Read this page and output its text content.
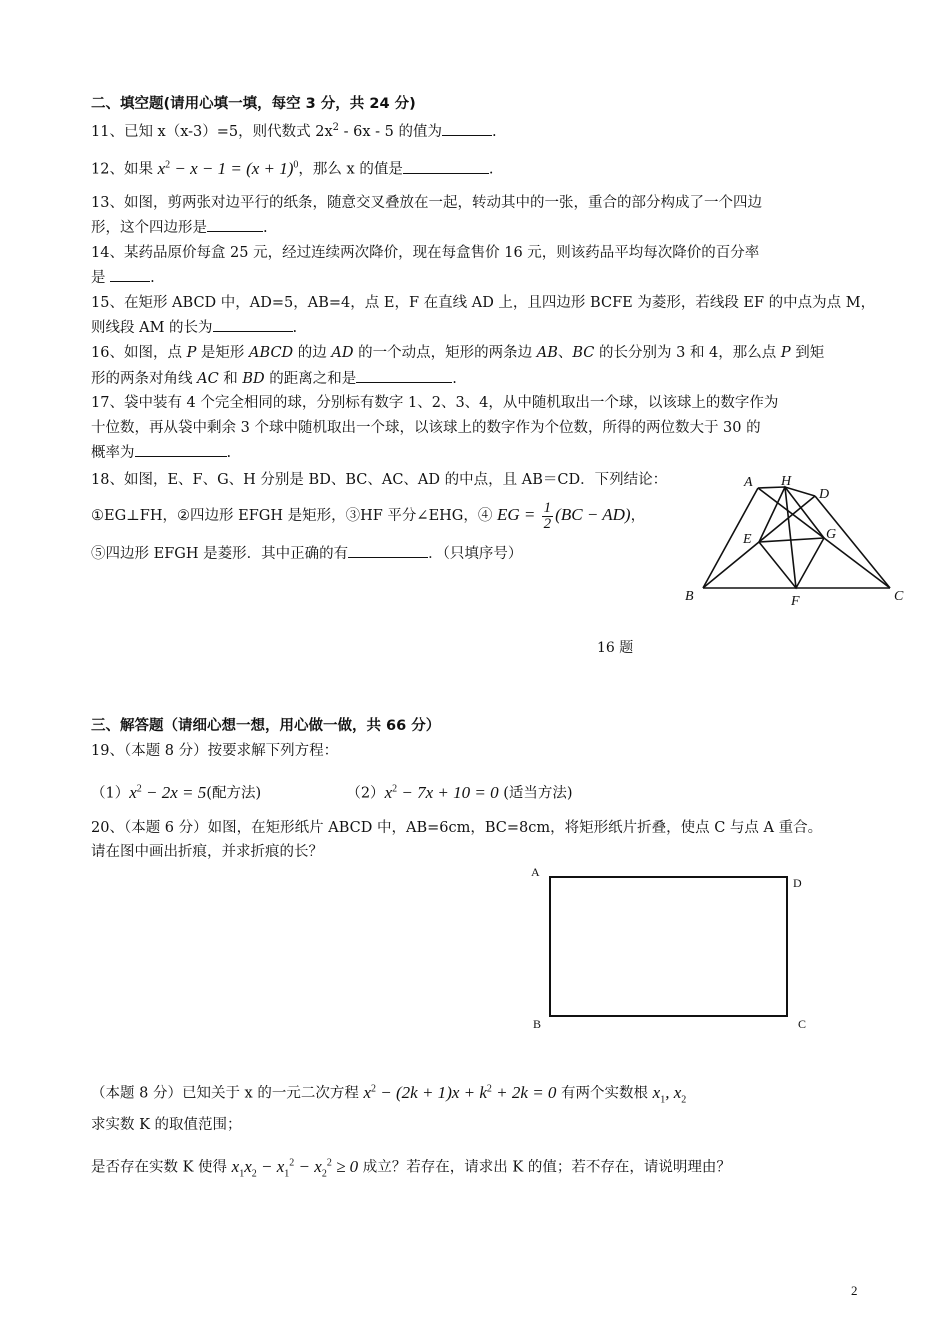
二、填空题(请用心填一填，每空 3 分，共 24 分)
11、已知 x（x-3）=5，则代数式 $2x^2 - 6x - 5$ 的值为	.
12、如果 $x^2 - x - 1 = (x + 1)^0$，那么 x 的值是	.
13、如图，剪两张对边平行的纸条，随意交叉叠放在一起，转动其中的一张，重合的部分构成了一个四边
形，这个四边形是	.
14、某药品原价每盒 25 元，经过连续两次降价，现在每盒售价 16 元，则该药品平均每次降价的百分率
是	.
15、在矩形 ABCD 中，AD=5，AB=4，点 E，F 在直线 AD 上，且四边形 BCFE 为菱形，若线段 EF 的中点为点 M，
则线段 AM 的长为	.
16、如图，点 P 是矩形 ABCD 的边 AD 的一个动点，矩形的两条边 AB、BC 的长分别为 3 和 4，那么点 P 到矩
形的两条对角线 AC 和 BD 的距离之和是	.
17、袋中装有 4 个完全相同的球，分别标有数字 1、2、3、4，从中随机取出一个球，以该球上的数字作为
十位数，再从袋中剩余 3 个球中随机取出一个球，以该球上的数字作为个位数，所得的两位数大于 30 的
概率为	.
18、如图，E、F、G、H 分别是 BD、BC、AC、AD 的中点，且 AB＝CD．下列结论：
①EG⊥FH，②四边形 EFGH 是矩形，③HF 平分∠EHG，④ EG = $\frac{1}{2} (BC - AD)$，
⑤四边形 EFGH 是菱形．其中正确的有	．（只填序号）
A H
D
E	G
B	F	C
16 题
三、解答题（请细心想一想，用心做一做，共 66 分）
19、（本题 8 分）按要求解下列方程：
$(1)x^2 - 2x = 5$(配方法)	$(2)x^2 - 7x + 10 = 0$ (适当方法)
20、（本题 6 分）如图，在矩形纸片 ABCD 中，AB=6cm，BC=8cm，将矩形纸片折叠，使点 C 与点 A 重合。
请在图中画出折痕，并求折痕的长？
A
D
B	C
（本题 8 分）已知关于 x 的一元二次方程 $x^2 - (2k + 1)x + k^2 + 2k = 0$ 有两个实数根 $x_1$, $x_2$
求实数 K 的取值范围；
是否存在实数 K 使得 $x_1x_2 - x_1^2 - x_2^2 \ge 0$ 成立？若存在，请求出 K 的值；若不存在，请说明理由？
2
